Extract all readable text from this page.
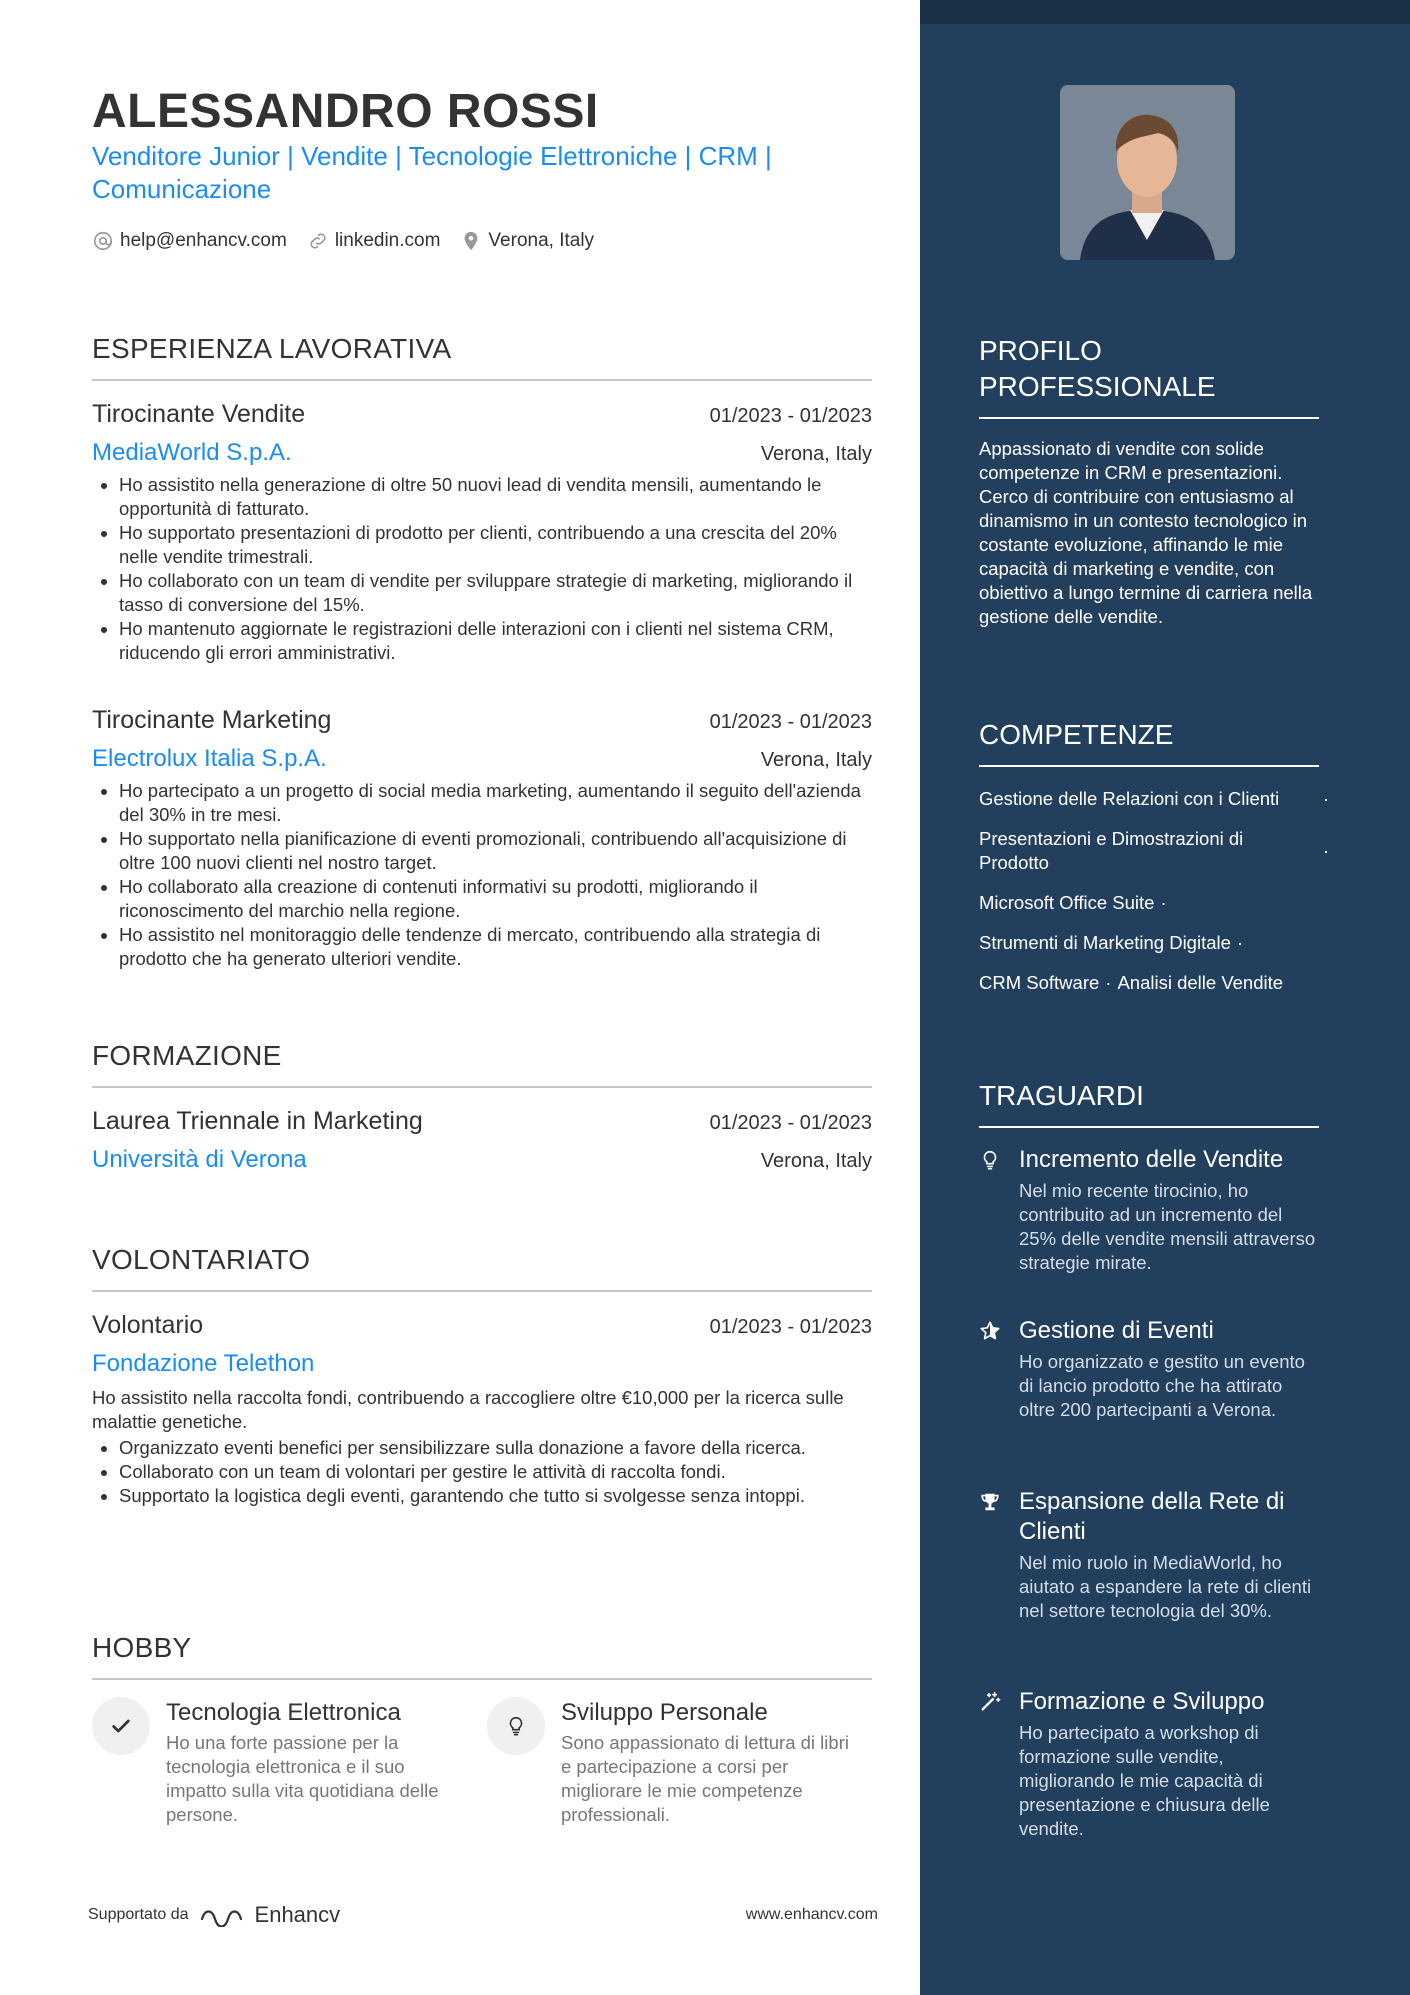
ALESSANDRO ROSSI
Venditore Junior | Vendite | Tecnologie Elettroniche | CRM | Comunicazione
help@enhancv.com	linkedin.com	Verona, Italy
ESPERIENZA LAVORATIVA
Tirocinante Vendite	01/2023 - 01/2023
MediaWorld S.p.A.	Verona, Italy
• Ho assistito nella generazione di oltre 50 nuovi lead di vendita mensili, aumentando le opportunità di fatturato.
• Ho supportato presentazioni di prodotto per clienti, contribuendo a una crescita del 20% nelle vendite trimestrali.
• Ho collaborato con un team di vendite per sviluppare strategie di marketing, migliorando il tasso di conversione del 15%.
• Ho mantenuto aggiornate le registrazioni delle interazioni con i clienti nel sistema CRM, riducendo gli errori amministrativi.
Tirocinante Marketing	01/2023 - 01/2023
Electrolux Italia S.p.A.	Verona, Italy
• Ho partecipato a un progetto di social media marketing, aumentando il seguito dell'azienda del 30% in tre mesi.
• Ho supportato nella pianificazione di eventi promozionali, contribuendo all'acquisizione di oltre 100 nuovi clienti nel nostro target.
• Ho collaborato alla creazione di contenuti informativi su prodotti, migliorando il riconoscimento del marchio nella regione.
• Ho assistito nel monitoraggio delle tendenze di mercato, contribuendo alla strategia di prodotto che ha generato ulteriori vendite.
FORMAZIONE
Laurea Triennale in Marketing	01/2023 - 01/2023
Università di Verona	Verona, Italy
VOLONTARIATO
Volontario	01/2023 - 01/2023
Fondazione Telethon
Ho assistito nella raccolta fondi, contribuendo a raccogliere oltre €10,000 per la ricerca sulle malattie genetiche.
• Organizzato eventi benefici per sensibilizzare sulla donazione a favore della ricerca.
• Collaborato con un team di volontari per gestire le attività di raccolta fondi.
• Supportato la logistica degli eventi, garantendo che tutto si svolgesse senza intoppi.
HOBBY
Tecnologia Elettronica
Ho una forte passione per la tecnologia elettronica e il suo impatto sulla vita quotidiana delle persone.
Sviluppo Personale
Sono appassionato di lettura di libri e partecipazione a corsi per migliorare le mie competenze professionali.
Supportato da	Enhancv	www.enhancv.com
PROFILO PROFESSIONALE
Appassionato di vendite con solide competenze in CRM e presentazioni. Cerco di contribuire con entusiasmo al dinamismo in un contesto tecnologico in costante evoluzione, affinando le mie capacità di marketing e vendite, con obiettivo a lungo termine di carriera nella gestione delle vendite.
COMPETENZE
Gestione delle Relazioni con i Clienti ·
Presentazioni e Dimostrazioni di Prodotto
·
Microsoft Office Suite ·
Strumenti di Marketing Digitale ·
CRM Software · Analisi delle Vendite
TRAGUARDI
Incremento delle Vendite
Nel mio recente tirocinio, ho contribuito ad un incremento del 25% delle vendite mensili attraverso strategie mirate.
Gestione di Eventi
Ho organizzato e gestito un evento di lancio prodotto che ha attirato oltre 200 partecipanti a Verona.
Espansione della Rete di Clienti
Nel mio ruolo in MediaWorld, ho aiutato a espandere la rete di clienti nel settore tecnologia del 30%.
Formazione e Sviluppo
Ho partecipato a workshop di formazione sulle vendite, migliorando le mie capacità di presentazione e chiusura delle vendite.
